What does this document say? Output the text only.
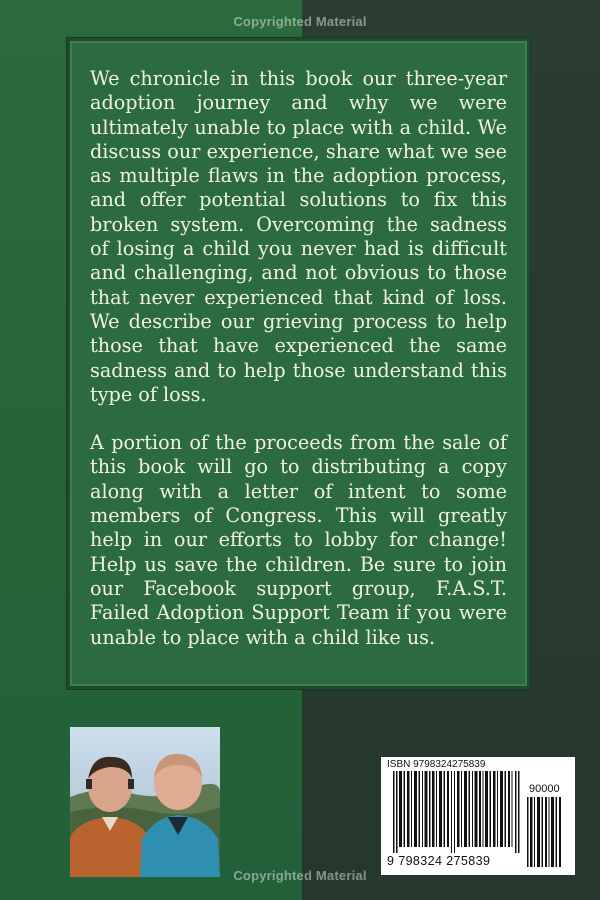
Copyrighted Material

We chronicle in this book our three-year adoption journey and why we were ultimately unable to place with a child. We discuss our experience, share what we see as multiple flaws in the adoption process, and offer potential solutions to fix this broken system. Overcoming the sadness of losing a child you never had is difficult and challenging, and not obvious to those that never experienced that kind of loss. We describe our grieving process to help those that have experienced the same sadness and to help those understand this type of loss.

A portion of the proceeds from the sale of this book will go to distributing a copy along with a letter of intent to some members of Congress. This will greatly help in our efforts to lobby for change! Help us save the children. Be sure to join our Facebook support group, F.A.S.T. Failed Adoption Support Team if you were unable to place with a child like us.

ISBN 9798324275839
9 798324 275839
90000
Copyrighted Material
